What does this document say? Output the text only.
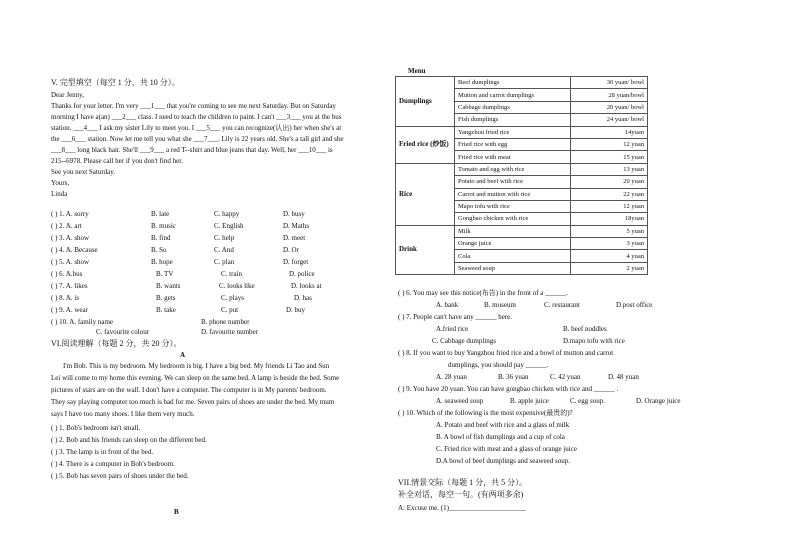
V. 完型填空（每空 1 分，共 10 分）。
Dear Jenny,
Thanks for your letter. I'm very ___1___ that you're coming to see me next Saturday. But on Saturday
morning I have a(an) ___2___ class. I need to teach the children to paint. I can't ___3___ you at the bus
station. ___4___ I ask my sister Lily to meet you. I ___5___ you can recognize(认出) her when she's at
the ___6___ station. Now let me tell you what she ___7___. Lily is 22 years old. She's a tall girl and she
___8___ long black hair. She'll ___9___ a red T--shirt and blue jeans that day. Well, her ___10___ is
215--6978. Please call her if you don't find her.
See you next Saturday.
Yours,
Linda
( ) 1. A. sorry	B. late	C. happy	D. busy
( ) 2. A. art	B. music	C. English	D. Maths
( ) 3. A. show	B. find	C. help	D. meet
( ) 4. A. Because	B. So	C. And	D. Or
( ) 5. A. show	B. hope	C. plan	D. forget
( ) 6. A.bus	B. TV	C. train	D. police
( ) 7. A. likes	B. wants	C. looks like	D. looks at
( ) 8. A. is	B. gets	C. plays	D. has
( ) 9. A. wear	B. take	C. put	D. buy
( ) 10. A. family name	B. phone number
C. favourite colour	D. favourite number
VI.阅读理解（每题 2 分，共 20 分）。
A
I'm Bob. This is my bedroom. My bedroom is big. I have a big bed. My friends Li Tao and Sun
Lei will come to my home this evening. We can sleep on the same bed. A lamp is beside the bed. Some
pictures of stars are on the wall. I don't have a computer. The computer is in My parents' bedroom.
They say playing computer too much is bad for me. Seven pairs of shoes are under the bed. My mum
says I have too many shoes. I like them very much.
( ) 1. Bob's bedroom isn't small.
( ) 2. Bob and his friends can sleep on the different bed.
( ) 3. The lamp is in front of the bed.
( ) 4. There is a computer in Bob's bedroom.
( ) 5. Bob has seven pairs of shoes under the bed.
B
Menu
Dumplings	Beef dumplings	30 yuan/ bowl
	Mutton and carrot dumplings	28 yuan/bowl
	Cabbage dumplings	20 yuan/ bowl
	Fish dumplings	24 yuan/ bowl
Fried rice (炒饭)	Yangzhou fried rice	14yuan
	Fried rice with egg	12 yuan
	Fried rice with meat	15 yuan
Rice	Tomato and egg with rice	13 yuan
	Potato and beef with rice	20 yuan
	Carrot and mutton with rice	22 yuan
	Mapo tofu with rice	12 yuan
	Gongbao chicken with rice	18yuan
Drink	Milk	5 yuan
	Orange juice	3 yuan
	Cola	4 yuan
	Seaweed soup	2 yuan
( ) 6. You may see this notice(布告) in the front of a ______.
A. bank	B. museum	C. restaurant	D.post office
( ) 7. People can't have any ______ here.
A.fried rice	B. beef noddles
C. Cabbage dumplings	D.mapo tofu with rice
( ) 8. If you want to buy Yangzhou fried rice and a bowl of mutton and carrot
dumplings, you should pay ______.
A. 28 yuan	B. 36 yuan	C. 42 yuan	D. 48 yuan
( ) 9. You have 20 yuan. You can have gongbao chicken with rice and ______ .
A. seaweed soup	B. apple juice	C. egg soup.	D. Orange juice
( ) 10. Which of the following is the most expensive(最贵的)?
A. Potato and beef with rice and a glass of milk
B. A bowl of fish dumplings and a cup of cola
C. Fried rice with meat and a glass of orange juice
D.A bowl of beef dumplings and seaweed soup.
VII.情景交际（每题 1 分，共 5 分）。
补全对话，每空一句。(有两项多余)
A: Excuse me. (1)______________________
